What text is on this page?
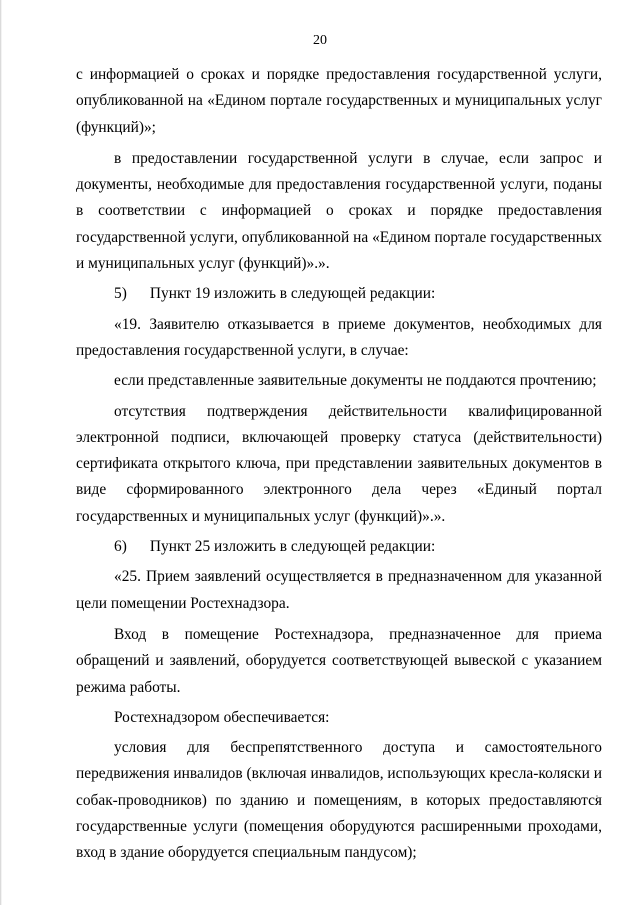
20

с информацией о сроках и порядке предоставления государственной услуги, опубликованной на «Едином портале государственных и муниципальных услуг (функций)»;

в предоставлении государственной услуги в случае, если запрос и документы, необходимые для предоставления государственной услуги, поданы в соответствии с информацией о сроках и порядке предоставления государственной услуги, опубликованной на «Едином портале государственных и муниципальных услуг (функций)».».

5)  Пункт 19 изложить в следующей редакции:

«19. Заявителю отказывается в приеме документов, необходимых для предоставления государственной услуги, в случае:

если представленные заявительные документы не поддаются прочтению;

отсутствия подтверждения действительности квалифицированной электронной подписи, включающей проверку статуса (действительности) сертификата открытого ключа, при представлении заявительных документов в виде сформированного электронного дела через «Единый портал государственных и муниципальных услуг (функций)».».

6)  Пункт 25 изложить в следующей редакции:

«25. Прием заявлений осуществляется в предназначенном для указанной цели помещении Ростехнадзора.

Вход в помещение Ростехнадзора, предназначенное для приема обращений и заявлений, оборудуется соответствующей вывеской с указанием режима работы.

Ростехнадзором обеспечивается:

условия для беспрепятственного доступа и самостоятельного передвижения инвалидов (включая инвалидов, использующих кресла-коляски и собак-проводников) по зданию и помещениям, в которых предоставляются государственные услуги (помещения оборудуются расширенными проходами, вход в здание оборудуется специальным пандусом);
